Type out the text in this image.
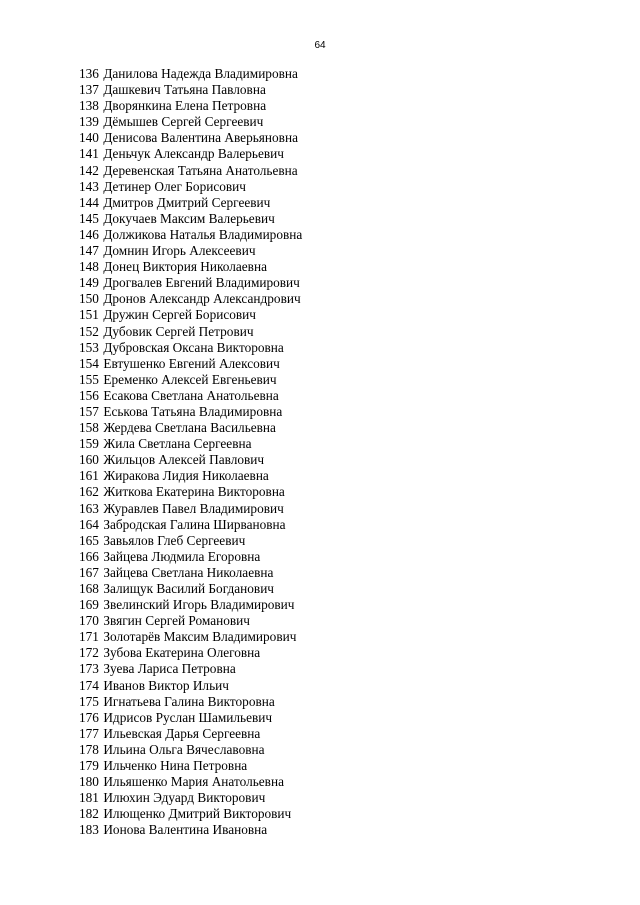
64
136 Данилова Надежда Владимировна
137 Дашкевич Татьяна Павловна
138 Дворянкина Елена Петровна
139 Дёмышев Сергей Сергеевич
140 Денисова Валентина Аверьяновна
141 Деньчук Александр Валерьевич
142 Деревенская Татьяна Анатольевна
143 Детинер Олег Борисович
144 Дмитров Дмитрий Сергеевич
145 Докучаев Максим Валерьевич
146 Должикова Наталья Владимировна
147 Домнин Игорь Алексеевич
148 Донец Виктория Николаевна
149 Дрогвалев Евгений Владимирович
150 Дронов Александр Александрович
151 Дружин Сергей Борисович
152 Дубовик Сергей Петрович
153 Дубровская Оксана Викторовна
154 Евтушенко Евгений Алексович
155 Еременко Алексей Евгеньевич
156 Есакова Светлана Анатольевна
157 Еськова Татьяна Владимировна
158 Жердева Светлана Васильевна
159 Жила Светлана Сергеевна
160 Жильцов Алексей Павлович
161 Жиракова Лидия Николаевна
162 Житкова Екатерина Викторовна
163 Журавлев Павел Владимирович
164 Забродская Галина Ширвановна
165 Завьялов Глеб Сергеевич
166 Зайцева Людмила Егоровна
167 Зайцева Светлана Николаевна
168 Залищук Василий Богданович
169 Звелинский Игорь Владимирович
170 Звягин Сергей Романович
171 Золотарёв Максим Владимирович
172 Зубова Екатерина Олеговна
173 Зуева Лариса Петровна
174 Иванов Виктор Ильич
175 Игнатьева Галина Викторовна
176 Идрисов Руслан Шамильевич
177 Ильевская Дарья Сергеевна
178 Ильина Ольга Вячеславовна
179 Ильченко Нина Петровна
180 Ильяшенко Мария Анатольевна
181 Илюхин Эдуард Викторович
182 Илющенко Дмитрий Викторович
183 Ионова Валентина Ивановна
